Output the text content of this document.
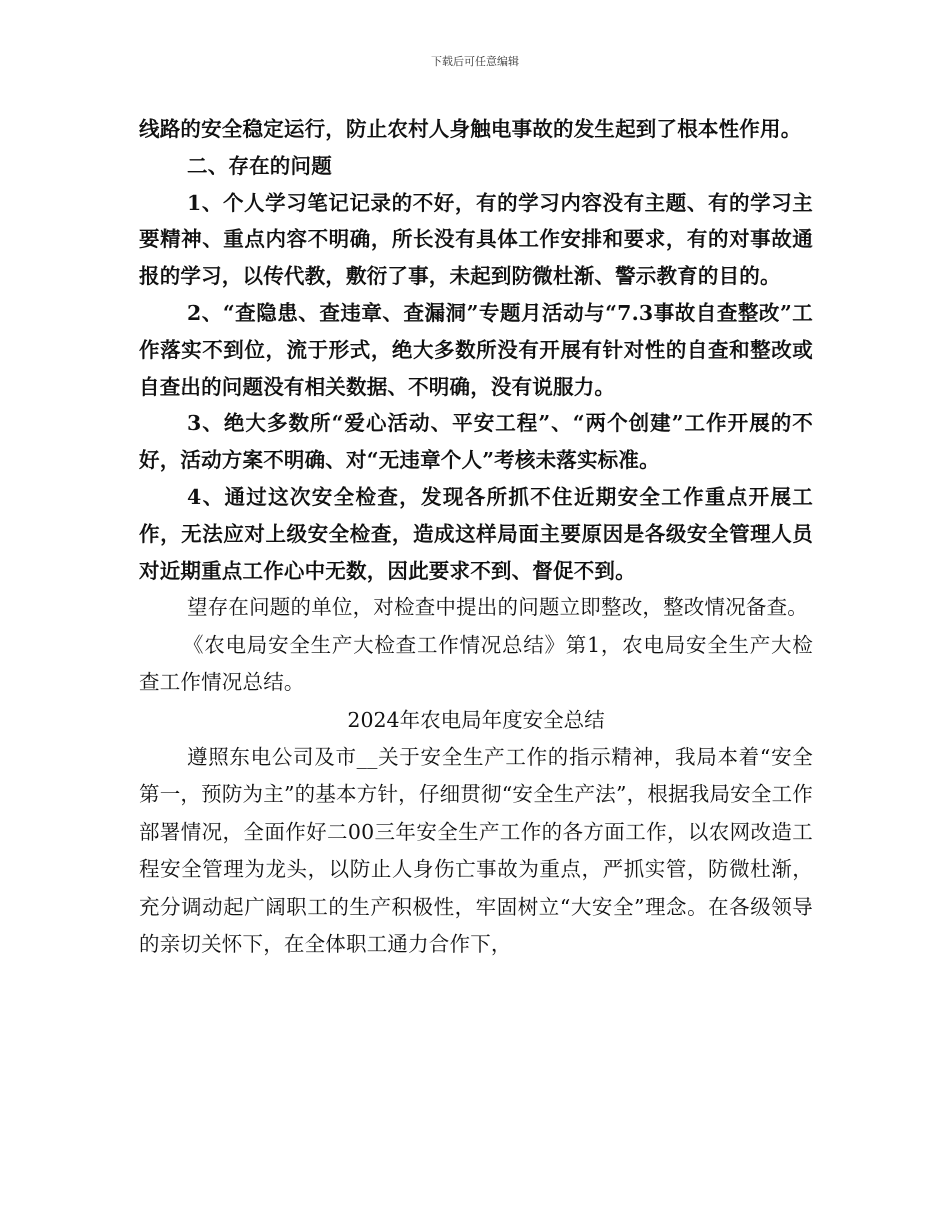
下载后可任意编辑

线路的安全稳定运行，防止农村人身触电事故的发生起到了根本性作用。

二、存在的问题

1、个人学习笔记记录的不好，有的学习内容没有主题、有的学习主要精神、重点内容不明确，所长没有具体工作安排和要求，有的对事故通报的学习，以传代教，敷衍了事，未起到防微杜渐、警示教育的目的。

2、“查隐患、查违章、查漏洞”专题月活动与“7.3事故自查整改”工作落实不到位，流于形式，绝大多数所没有开展有针对性的自查和整改或自查出的问题没有相关数据、不明确，没有说服力。

3、绝大多数所“爱心活动、平安工程”、“两个创建”工作开展的不好，活动方案不明确、对“无违章个人”考核未落实标准。

4、通过这次安全检查，发现各所抓不住近期安全工作重点开展工作，无法应对上级安全检查，造成这样局面主要原因是各级安全管理人员对近期重点工作心中无数，因此要求不到、督促不到。

望存在问题的单位，对检查中提出的问题立即整改，整改情况备查。

《农电局安全生产大检查工作情况总结》第1，农电局安全生产大检查工作情况总结。

2024年农电局年度安全总结

遵照东电公司及市__关于安全生产工作的指示精神，我局本着“安全第一，预防为主”的基本方针，仔细贯彻“安全生产法”，根据我局安全工作部署情况，全面作好二00三年安全生产工作的各方面工作，以农网改造工程安全管理为龙头，以防止人身伤亡事故为重点，严抓实管，防微杜渐，充分调动起广阔职工的生产积极性，牢固树立“大安全”理念。在各级领导的亲切关怀下，在全体职工通力合作下，
